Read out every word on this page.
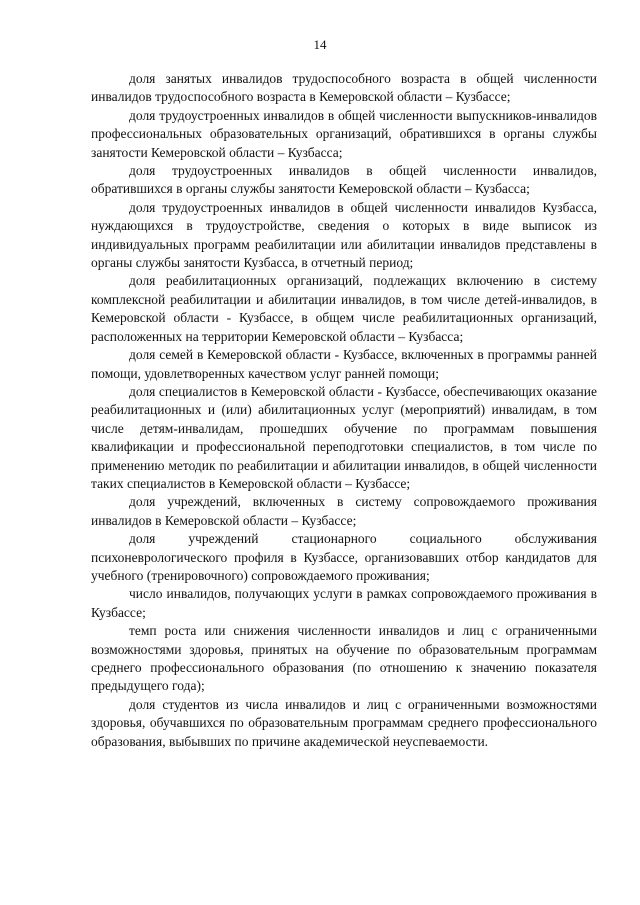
14

доля занятых инвалидов трудоспособного возраста в общей численности инвалидов трудоспособного возраста в Кемеровской области – Кузбассе;

доля трудоустроенных инвалидов в общей численности выпускников-инвалидов профессиональных образовательных организаций, обратившихся в органы службы занятости Кемеровской области – Кузбасса;

доля трудоустроенных инвалидов в общей численности инвалидов, обратившихся в органы службы занятости Кемеровской области – Кузбасса;

доля трудоустроенных инвалидов в общей численности инвалидов Кузбасса, нуждающихся в трудоустройстве, сведения о которых в виде выписок из индивидуальных программ реабилитации или абилитации инвалидов представлены в органы службы занятости Кузбасса, в отчетный период;

доля реабилитационных организаций, подлежащих включению в систему комплексной реабилитации и абилитации инвалидов, в том числе детей-инвалидов, в Кемеровской области - Кузбассе, в общем числе реабилитационных организаций, расположенных на территории Кемеровской области – Кузбасса;

доля семей в Кемеровской области - Кузбассе, включенных в программы ранней помощи, удовлетворенных качеством услуг ранней помощи;

доля специалистов в Кемеровской области - Кузбассе, обеспечивающих оказание реабилитационных и (или) абилитационных услуг (мероприятий) инвалидам, в том числе детям-инвалидам, прошедших обучение по программам повышения квалификации и профессиональной переподготовки специалистов, в том числе по применению методик по реабилитации и абилитации инвалидов, в общей численности таких специалистов в Кемеровской области – Кузбассе;

доля учреждений, включенных в систему сопровождаемого проживания инвалидов в Кемеровской области – Кузбассе;

доля учреждений стационарного социального обслуживания психоневрологического профиля в Кузбассе, организовавших отбор кандидатов для учебного (тренировочного) сопровождаемого проживания;

число инвалидов, получающих услуги в рамках сопровождаемого проживания в Кузбассе;

темп роста или снижения численности инвалидов и лиц с ограниченными возможностями здоровья, принятых на обучение по образовательным программам среднего профессионального образования (по отношению к значению показателя предыдущего года);

доля студентов из числа инвалидов и лиц с ограниченными возможностями здоровья, обучавшихся по образовательным программам среднего профессионального образования, выбывших по причине академической неуспеваемости.
